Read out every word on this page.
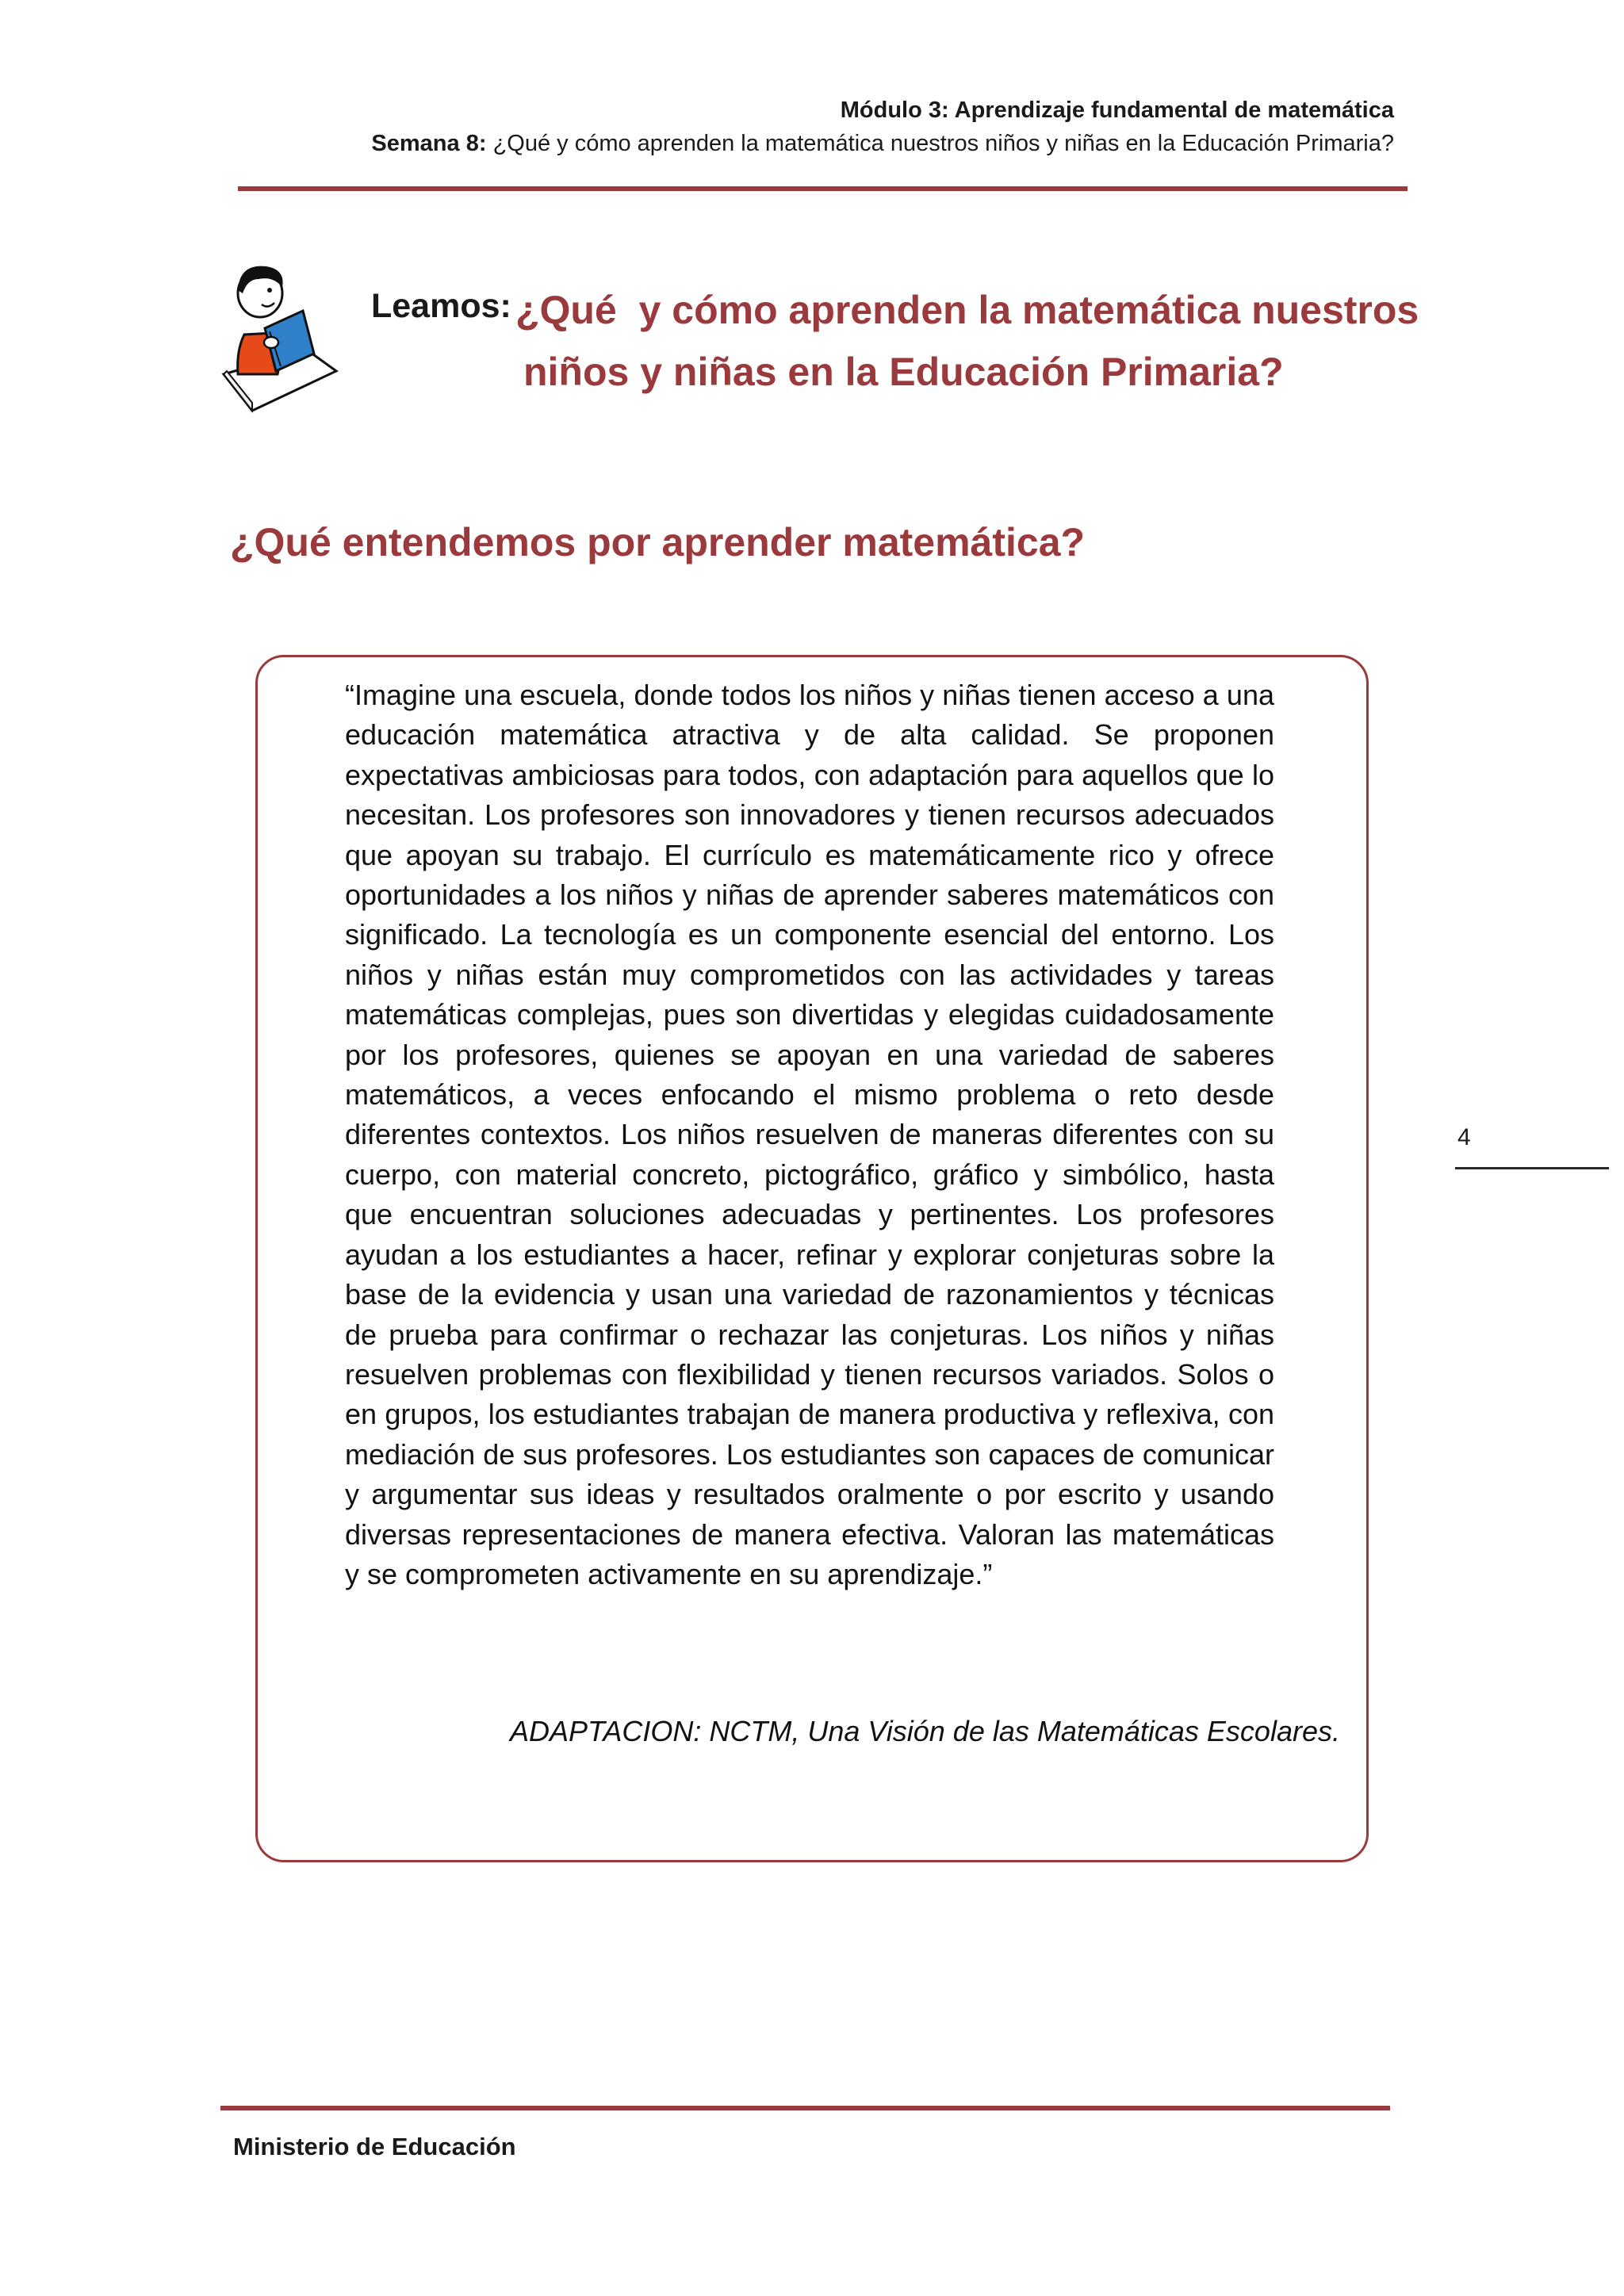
Módulo 3: Aprendizaje fundamental de matemática
Semana 8: ¿Qué y cómo aprenden la matemática nuestros niños y niñas en la Educación Primaria?
Leamos: ¿Qué  y cómo aprenden la matemática nuestros
niños y niñas en la Educación Primaria?
¿Qué entendemos por aprender matemática?
“Imagine una escuela, donde todos los niños y niñas tienen acceso a una educación matemática atractiva y de alta calidad. Se proponen expectativas ambiciosas para todos, con adaptación para aquellos que lo necesitan. Los profesores son innovadores y tienen recursos adecuados que apoyan su trabajo. El currículo es matemáticamente rico y ofrece oportunidades a los niños y niñas de aprender saberes matemáticos con significado. La tecnología es un componente esencial del entorno. Los niños y niñas están muy comprometidos con las actividades y tareas matemáticas complejas, pues son divertidas y elegidas cuidadosamente por los profesores, quienes se apoyan en una variedad de saberes matemáticos, a veces enfocando el mismo problema o reto desde diferentes contextos. Los niños resuelven de maneras diferentes con su cuerpo, con material concreto, pictográfico, gráfico y simbólico, hasta que encuentran soluciones adecuadas y pertinentes. Los profesores ayudan a los estudiantes a hacer, refinar y explorar conjeturas sobre la base de la evidencia y usan una variedad de razonamientos y técnicas de prueba para confirmar o rechazar las conjeturas. Los niños y niñas resuelven problemas con flexibilidad y tienen recursos variados. Solos o en grupos, los estudiantes trabajan de manera productiva y reflexiva, con mediación de sus profesores. Los estudiantes son capaces de comunicar y argumentar sus ideas y resultados oralmente o por escrito y usando diversas representaciones de manera efectiva. Valoran las matemáticas y se comprometen activamente en su aprendizaje.”
ADAPTACION: NCTM, Una Visión de las Matemáticas Escolares.
4
Ministerio de Educación
